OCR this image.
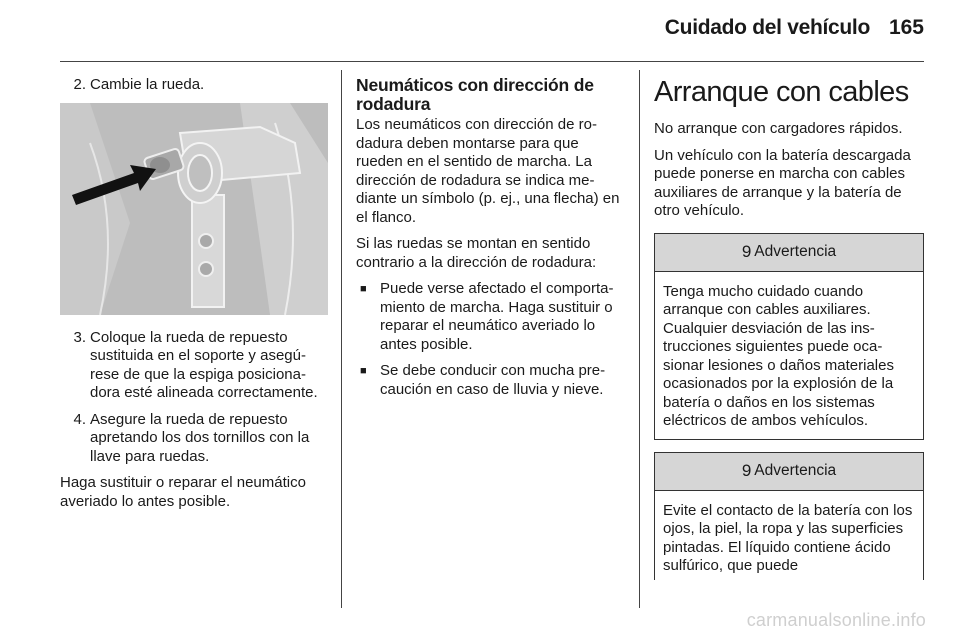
Cuidado del vehículo 165
2. Cambie la rueda.
3. Coloque la rueda de repuesto sustituida en el soporte y asegúrese de que la espiga posicionadora esté alineada correctamente.
4. Asegure la rueda de repuesto apretando los dos tornillos con la llave para ruedas.

Haga sustituir o reparar el neumático averiado lo antes posible.

Neumáticos con dirección de rodadura

Los neumáticos con dirección de rodadura deben montarse para que rueden en el sentido de marcha. La dirección de rodadura se indica mediante un símbolo (p. ej., una flecha) en el flanco.

Si las ruedas se montan en sentido contrario a la dirección de rodadura:

■ Puede verse afectado el comportamiento de marcha. Haga sustituir o reparar el neumático averiado lo antes posible.
■ Se debe conducir con mucha precaución en caso de lluvia y nieve.
Arranque con cables

No arranque con cargadores rápidos.

Un vehículo con la batería descargada puede ponerse en marcha con cables auxiliares de arranque y la batería de otro vehículo.

9 Advertencia
Tenga mucho cuidado cuando arranque con cables auxiliares. Cualquier desviación de las instrucciones siguientes puede ocasionar lesiones o daños materiales ocasionados por la explosión de la batería o daños en los sistemas eléctricos de ambos vehículos.
9 Advertencia
Evite el contacto de la batería con los ojos, la piel, la ropa y las superficies pintadas. El líquido contiene ácido sulfúrico, que puede
carmanualsonline.info
